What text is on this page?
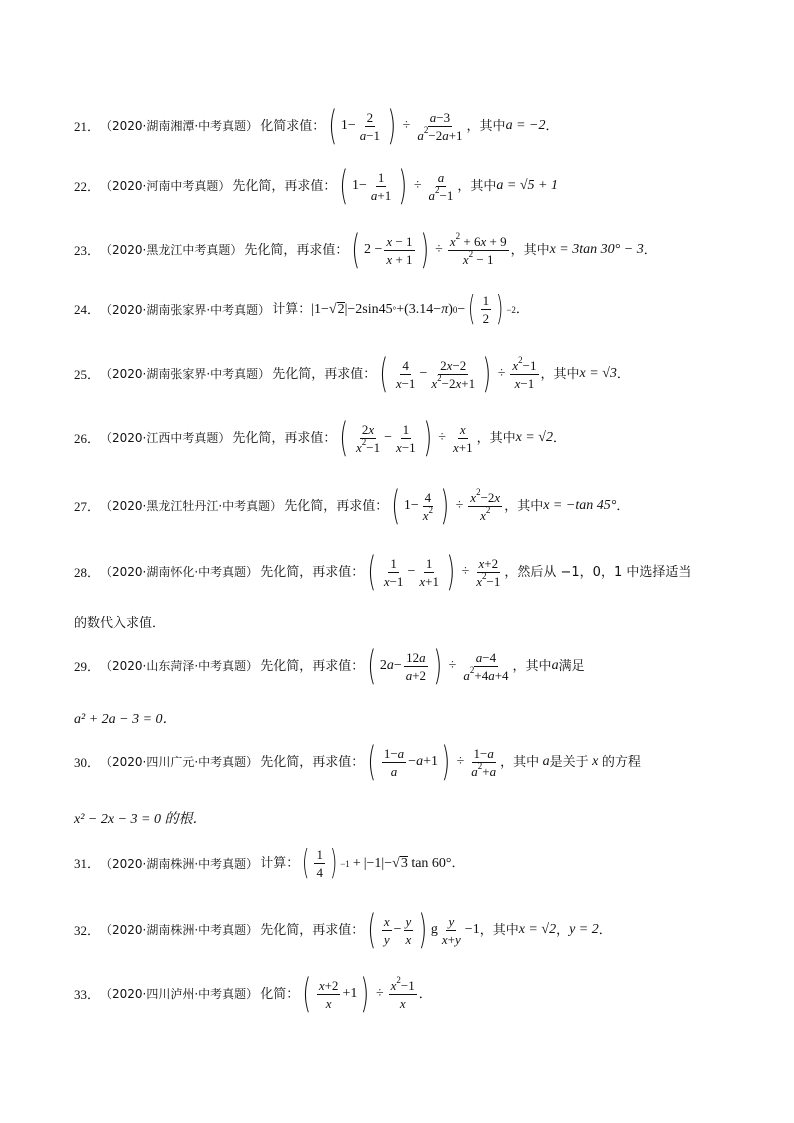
21． （2020·湖南湘潭·中考真题） 化简求值： ( $1- \frac{2}{a-1}$ ) ÷ $\frac{a-3}{a^2-2a+1}$ ，其中 a = −2 ．
22． （2020·河南中考真题） 先化简，再求值： ( $1- \frac{1}{a+1}$ ) ÷ $\frac{a}{a^2-1}$ ，其中 a = √5 + 1
23． （2020·黑龙江中考真题） 先化简，再求值： ( $2 - \frac{x - 1}{x + 1}$ ) ÷ $\frac{x^2 + 6x + 9}{x^2 - 1}$ ，其中 x = 3tan 30° − 3 ．
24． （2020·湖南张家界·中考真题） 计算： |1−√ 2 |−2sin45 ° +(3.14− π ) 0 − ( $\frac{1}{2}$ ) −2 ．
25． （2020·湖南张家界·中考真题） 先化简，再求值： ( $\frac{4}{x-1} - \frac{2x-2}{x^2-2x+1}$ ) ÷ $\frac{x^2-1}{x-1}$ ，其中 x = √3 ．
26． （2020·江西中考真题） 先化简，再求值： ( $\frac{2x}{x^2-1} - \frac{1}{x-1}$ ) ÷ $\frac{x}{x+1}$ ，其中 x = √2 ．
27． （2020·黑龙江牡丹江·中考真题） 先化简，再求值： ( $1- \frac{4}{x^2}$ ) ÷ $\frac{x^2-2x}{x^2}$ ，其中 x = −tan 45° ．
28． （2020·湖南怀化·中考真题） 先化简，再求值： ( $\frac{1}{x-1} - \frac{1}{x+1}$ ) ÷ $\frac{x+2}{x^2-1}$ ，然后从 −1，0，1 中选择适当
的数代入求值．
29． （2020·山东菏泽·中考真题） 先化简，再求值： ( 2 $a - \frac{12a}{a+2}$ ) ÷ $\frac{a-4}{a^2+4a+4}$ ，其中 a 满足
a² + 2a − 3 = 0．
30． （2020·四川广元·中考真题） 先化简，再求值： ( $\frac{1-a}{a} - a +1$ ) ÷ $\frac{1-a}{a^2+a}$ ，其中 a 是关于 x 的方程
x² − 2x − 3 = 0 的根．
31． （2020·湖南株洲·中考真题） 计算： ( $\frac{1}{4}$ ) −1 + |−1|−√ 3 tan 60° ．
32． （2020·湖南株洲·中考真题） 先化简，再求值： ( $\frac{x}{y} - \frac{y}{x}$ ) g $\frac{y}{x+y} -1$ ，其中 x = √2 ， y = 2 ．
33． （2020·四川泸州·中考真题） 化简： ( $\frac{x+2}{x} +1$ ) ÷ $\frac{x^2-1}{x}$ ．
